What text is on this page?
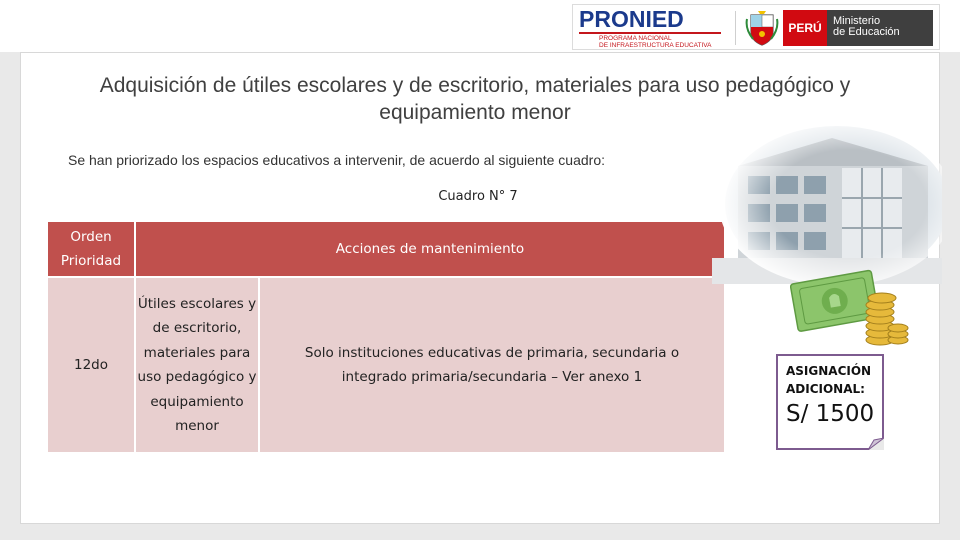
PRONIED
PROGRAMA NACIONAL
DE INFRAESTRUCTURA EDUCATIVA
PERÚ	Ministerio
de Educación
Adquisición de útiles escolares y de escritorio, materiales para uso pedagógico y equipamiento menor
Se han priorizado los espacios educativos a intervenir, de acuerdo al siguiente cuadro:
Cuadro N° 7
Orden Prioridad
Acciones de mantenimiento
12do
Útiles escolares y de escritorio, materiales para uso pedagógico y equipamiento menor
Solo instituciones educativas de primaria, secundaria o integrado primaria/secundaria – Ver anexo 1	ASIGNACIÓN ADICIONAL:
S/ 1500
